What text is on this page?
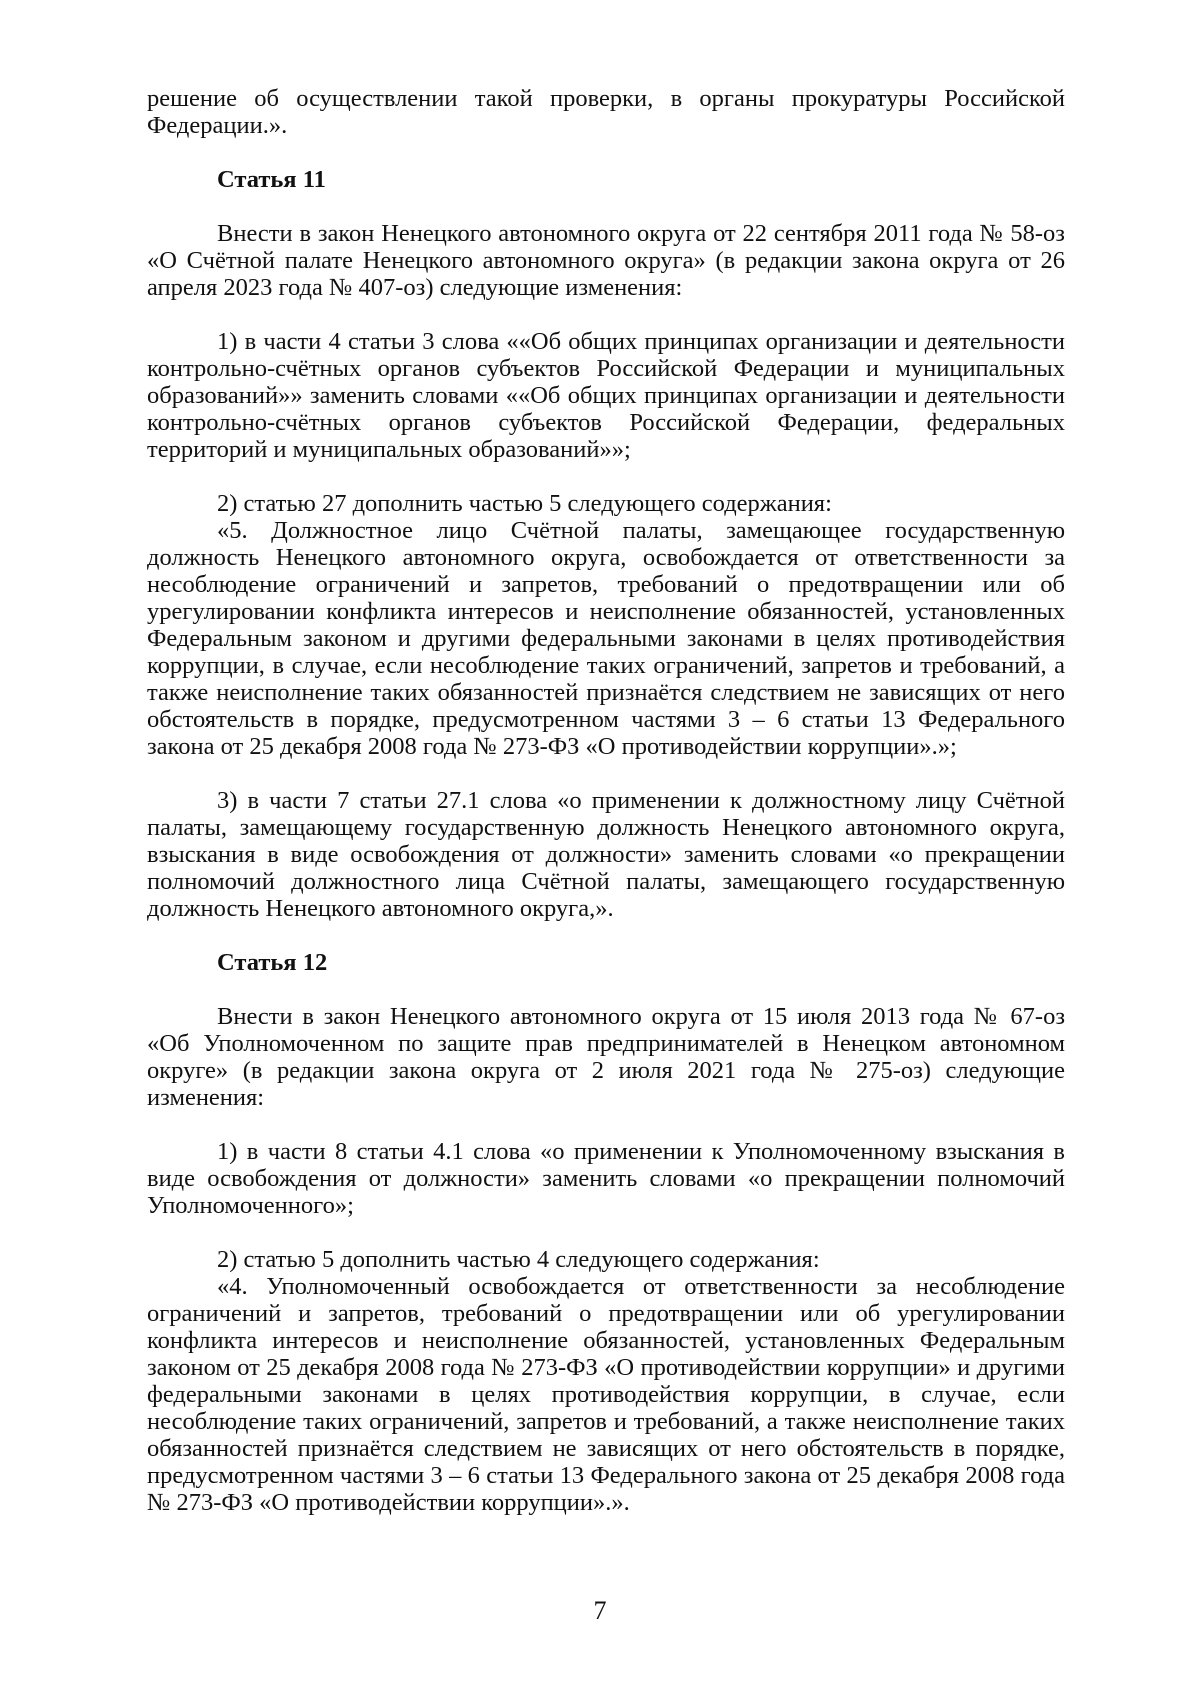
решение об осуществлении такой проверки, в органы прокуратуры Российской Федерации.».

Статья 11

Внести в закон Ненецкого автономного округа от 22 сентября 2011 года № 58-оз «О Счётной палате Ненецкого автономного округа» (в редакции закона округа от 26 апреля 2023 года № 407-оз) следующие изменения:

1) в части 4 статьи 3 слова ««Об общих принципах организации и деятельности контрольно-счётных органов субъектов Российской Федерации и муниципальных образований»» заменить словами ««Об общих принципах организации и деятельности контрольно-счётных органов субъектов Российской Федерации, федеральных территорий и муниципальных образований»»;

2) статью 27 дополнить частью 5 следующего содержания:

«5. Должностное лицо Счётной палаты, замещающее государственную должность Ненецкого автономного округа, освобождается от ответственности за несоблюдение ограничений и запретов, требований о предотвращении или об урегулировании конфликта интересов и неисполнение обязанностей, установленных Федеральным законом и другими федеральными законами в целях противодействия коррупции, в случае, если несоблюдение таких ограничений, запретов и требований, а также неисполнение таких обязанностей признаётся следствием не зависящих от него обстоятельств в порядке, предусмотренном частями 3 – 6 статьи 13 Федерального закона от 25 декабря 2008 года № 273-ФЗ «О противодействии коррупции».»;

3) в части 7 статьи 27.1 слова «о применении к должностному лицу Счётной палаты, замещающему государственную должность Ненецкого автономного округа, взыскания в виде освобождения от должности» заменить словами «о прекращении полномочий должностного лица Счётной палаты, замещающего государственную должность Ненецкого автономного округа,».

Статья 12

Внести в закон Ненецкого автономного округа от 15 июля 2013 года № 67-оз «Об Уполномоченном по защите прав предпринимателей в Ненецком автономном округе» (в редакции закона округа от 2 июля 2021 года № 275-оз) следующие изменения:

1) в части 8 статьи 4.1 слова «о применении к Уполномоченному взыскания в виде освобождения от должности» заменить словами «о прекращении полномочий Уполномоченного»;

2) статью 5 дополнить частью 4 следующего содержания:

«4. Уполномоченный освобождается от ответственности за несоблюдение ограничений и запретов, требований о предотвращении или об урегулировании конфликта интересов и неисполнение обязанностей, установленных Федеральным законом от 25 декабря 2008 года № 273-ФЗ «О противодействии коррупции» и другими федеральными законами в целях противодействия коррупции, в случае, если несоблюдение таких ограничений, запретов и требований, а также неисполнение таких обязанностей признаётся следствием не зависящих от него обстоятельств в порядке, предусмотренном частями 3 – 6 статьи 13 Федерального закона от 25 декабря 2008 года № 273-ФЗ «О противодействии коррупции».».

7
